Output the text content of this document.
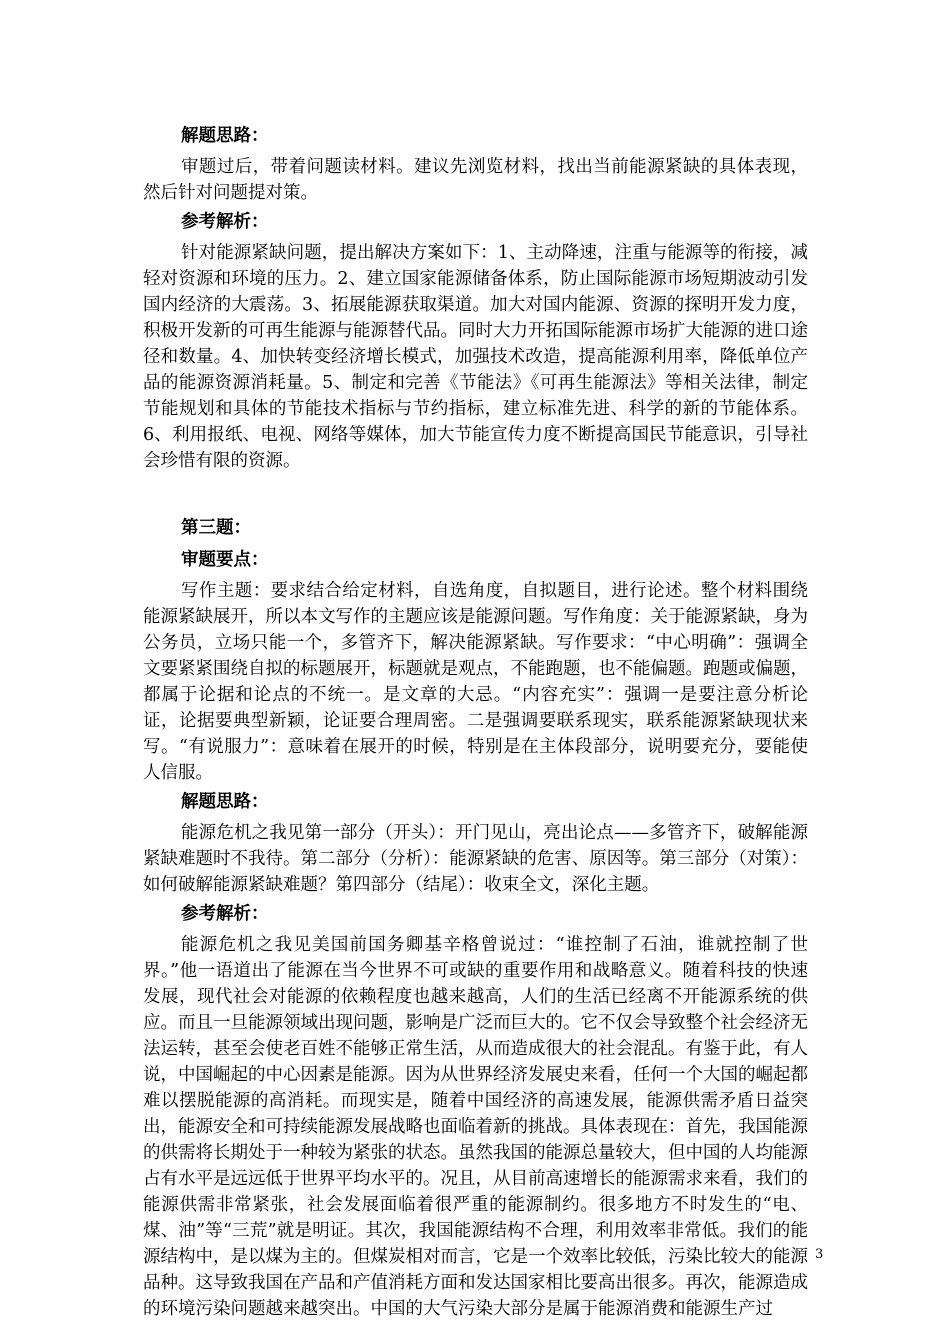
解题思路：

审题过后，带着问题读材料。建议先浏览材料，找出当前能源紧缺的具体表现，然后针对问题提对策。

参考解析：

针对能源紧缺问题，提出解决方案如下：1、主动降速，注重与能源等的衔接，减轻对资源和环境的压力。2、建立国家能源储备体系，防止国际能源市场短期波动引发国内经济的大震荡。3、拓展能源获取渠道。加大对国内能源、资源的探明开发力度，积极开发新的可再生能源与能源替代品。同时大力开拓国际能源市场扩大能源的进口途径和数量。4、加快转变经济增长模式，加强技术改造，提高能源利用率，降低单位产品的能源资源消耗量。5、制定和完善《节能法》《可再生能源法》等相关法律，制定节能规划和具体的节能技术指标与节约指标，建立标准先进、科学的新的节能体系。6、利用报纸、电视、网络等媒体，加大节能宣传力度不断提高国民节能意识，引导社会珍惜有限的资源。

第三题：
审题要点：

写作主题：要求结合给定材料，自选角度，自拟题目，进行论述。整个材料围绕能源紧缺展开，所以本文写作的主题应该是能源问题。写作角度：关于能源紧缺，身为公务员，立场只能一个，多管齐下，解决能源紧缺。写作要求：“中心明确”：强调全文要紧紧围绕自拟的标题展开，标题就是观点，不能跑题，也不能偏题。跑题或偏题，都属于论据和论点的不统一。是文章的大忌。“内容充实”：强调一是要注意分析论证，论据要典型新颖，论证要合理周密。二是强调要联系现实，联系能源紧缺现状来写。“有说服力”：意味着在展开的时候，特别是在主体段部分，说明要充分，要能使人信服。

解题思路：

能源危机之我见第一部分（开头）：开门见山，亮出论点——多管齐下，破解能源紧缺难题时不我待。第二部分（分析）：能源紧缺的危害、原因等。第三部分（对策）：如何破解能源紧缺难题？第四部分（结尾）：收束全文，深化主题。

参考解析：

能源危机之我见美国前国务卿基辛格曾说过：“谁控制了石油，谁就控制了世界。”他一语道出了能源在当今世界不可或缺的重要作用和战略意义。随着科技的快速发展，现代社会对能源的依赖程度也越来越高，人们的生活已经离不开能源系统的供应。而且一旦能源领域出现问题，影响是广泛而巨大的。它不仅会导致整个社会经济无法运转，甚至会使老百姓不能够正常生活，从而造成很大的社会混乱。有鉴于此，有人说，中国崛起的中心因素是能源。因为从世界经济发展史来看，任何一个大国的崛起都难以摆脱能源的高消耗。而现实是，随着中国经济的高速发展，能源供需矛盾日益突出，能源安全和可持续能源发展战略也面临着新的挑战。具体表现在：首先，我国能源的供需将长期处于一种较为紧张的状态。虽然我国的能源总量较大，但中国的人均能源占有水平是远远低于世界平均水平的。况且，从目前高速增长的能源需求来看，我们的能源供需非常紧张，社会发展面临着很严重的能源制约。很多地方不时发生的“电、煤、油”等“三荒”就是明证。其次，我国能源结构不合理，利用效率非常低。我们的能源结构中，是以煤为主的。但煤炭相对而言，它是一个效率比较低，污染比较大的能源品种。这导致我国在产品和产值消耗方面和发达国家相比要高出很多。再次，能源造成的环境污染问题越来越突出。中国的大气污染大部分是属于能源消费和能源生产过

3
